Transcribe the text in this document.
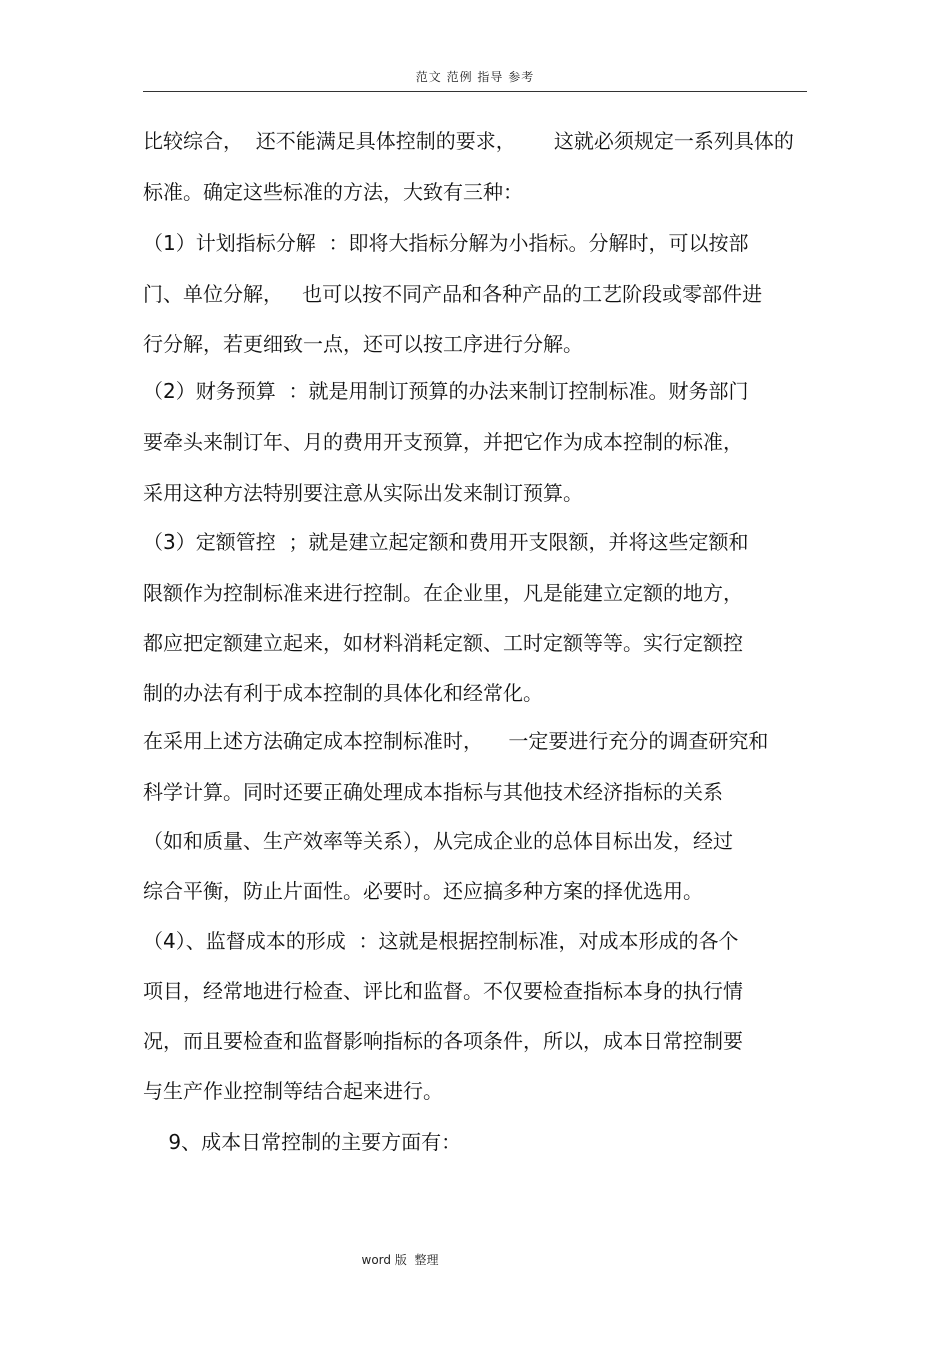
范文 范例 指导 参考
比较综合，  还不能满足具体控制的要求，      这就必须规定一系列具体的
标准。确定这些标准的方法，大致有三种：
（1）计划指标分解  ：即将大指标分解为小指标。分解时，可以按部
门、单位分解，   也可以按不同产品和各种产品的工艺阶段或零部件进
行分解，若更细致一点，还可以按工序进行分解。
（2）财务预算  ：就是用制订预算的办法来制订控制标准。财务部门
要牵头来制订年、月的费用开支预算，并把它作为成本控制的标准，
采用这种方法特别要注意从实际出发来制订预算。
（3）定额管控  ；就是建立起定额和费用开支限额，并将这些定额和
限额作为控制标准来进行控制。在企业里，凡是能建立定额的地方，
都应把定额建立起来，如材料消耗定额、工时定额等等。实行定额控
制的办法有利于成本控制的具体化和经常化。
在采用上述方法确定成本控制标准时，    一定要进行充分的调查研究和
科学计算。同时还要正确处理成本指标与其他技术经济指标的关系
（如和质量、生产效率等关系），从完成企业的总体目标出发，经过
综合平衡，防止片面性。必要时。还应搞多种方案的择优选用。
（4）、监督成本的形成  ：这就是根据控制标准，对成本形成的各个
项目，经常地进行检查、评比和监督。不仅要检查指标本身的执行情
况，而且要检查和监督影响指标的各项条件，所以，成本日常控制要
与生产作业控制等结合起来进行。
9、成本日常控制的主要方面有：
word 版  整理
